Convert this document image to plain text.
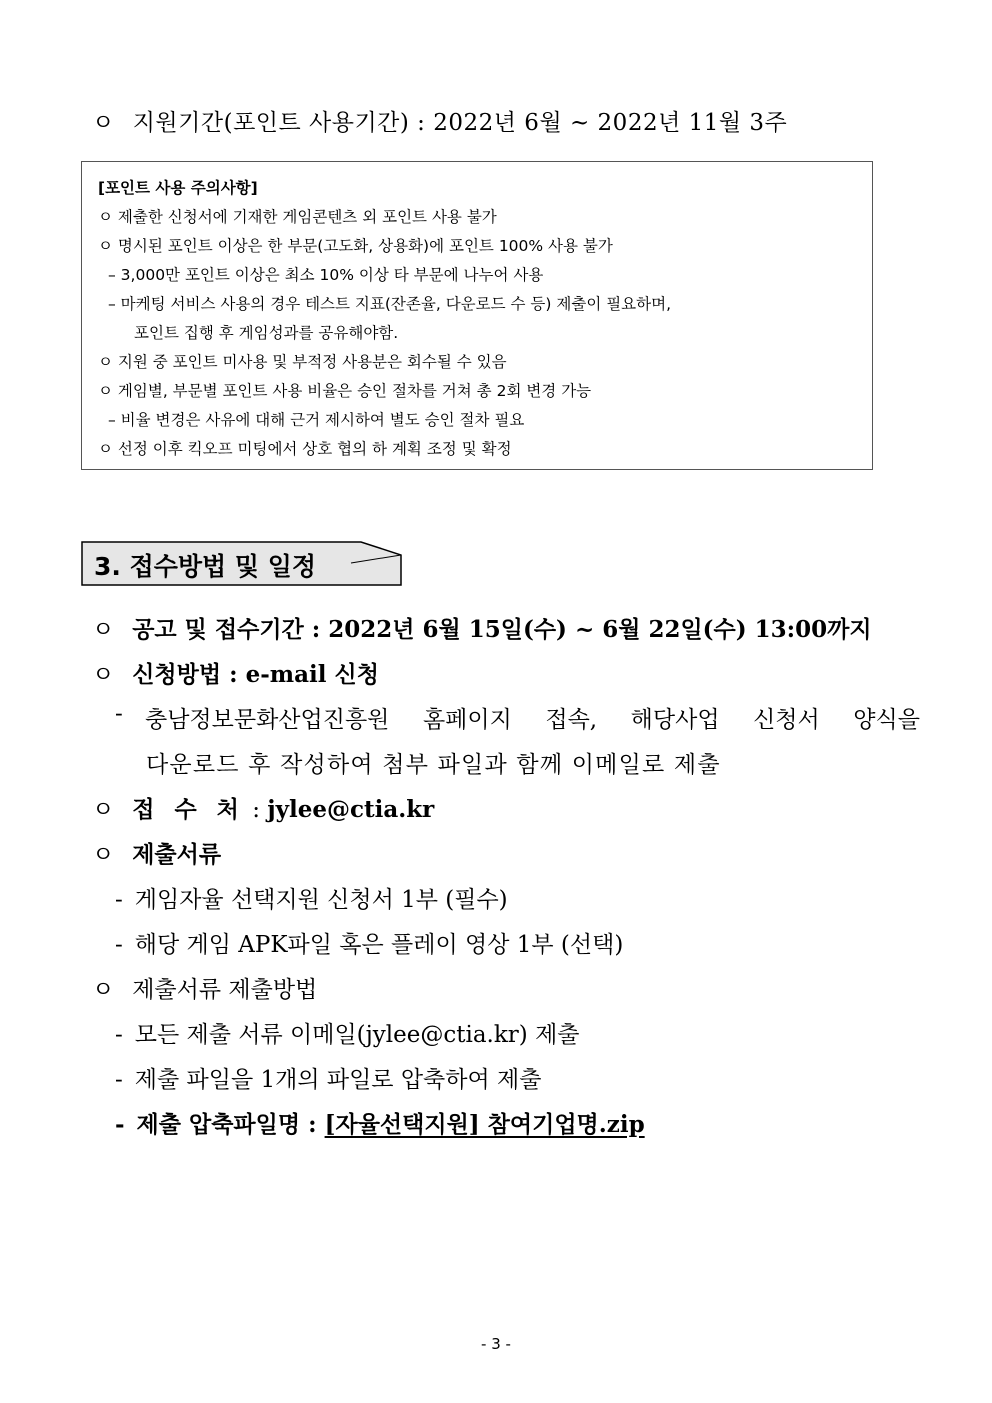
ㅇ 지원기간(포인트 사용기간) : 2022년 6월 ~ 2022년 11월 3주
[포인트 사용 주의사항]
ㅇ 제출한 신청서에 기재한 게임콘텐츠 외 포인트 사용 불가
ㅇ 명시된 포인트 이상은 한 부문(고도화, 상용화)에 포인트 100% 사용 불가
– 3,000만 포인트 이상은 최소 10% 이상 타 부문에 나누어 사용
– 마케팅 서비스 사용의 경우 테스트 지표(잔존율, 다운로드 수 등) 제출이 필요하며,
포인트 집행 후 게임성과를 공유해야함.
ㅇ 지원 중 포인트 미사용 및 부적정 사용분은 회수될 수 있음
ㅇ 게임별, 부문별 포인트 사용 비율은 승인 절차를 거쳐 총 2회 변경 가능
– 비율 변경은 사유에 대해 근거 제시하여 별도 승인 절차 필요
ㅇ 선정 이후 킥오프 미팅에서 상호 협의 하 계획 조정 및 확정
3. 접수방법 및 일정
ㅇ 공고 및 접수기간 : 2022년 6월 15일(수) ~ 6월 22일(수) 13:00까지
ㅇ 신청방법 : e-mail 신청
- 충남정보문화산업진흥원 홈페이지 접속, 해당사업 신청서 양식을
다운로드 후 작성하여 첨부 파일과 함께 이메일로 제출
ㅇ 접 수 처 : jylee@ctia.kr
ㅇ 제출서류
- 게임자율 선택지원 신청서 1부 (필수)
- 해당 게임 APK파일 혹은 플레이 영상 1부 (선택)
ㅇ 제출서류 제출방법
- 모든 제출 서류 이메일(jylee@ctia.kr) 제출
- 제출 파일을 1개의 파일로 압축하여 제출
- 제출 압축파일명 : [자율선택지원] 참여기업명.zip
- 3 -
